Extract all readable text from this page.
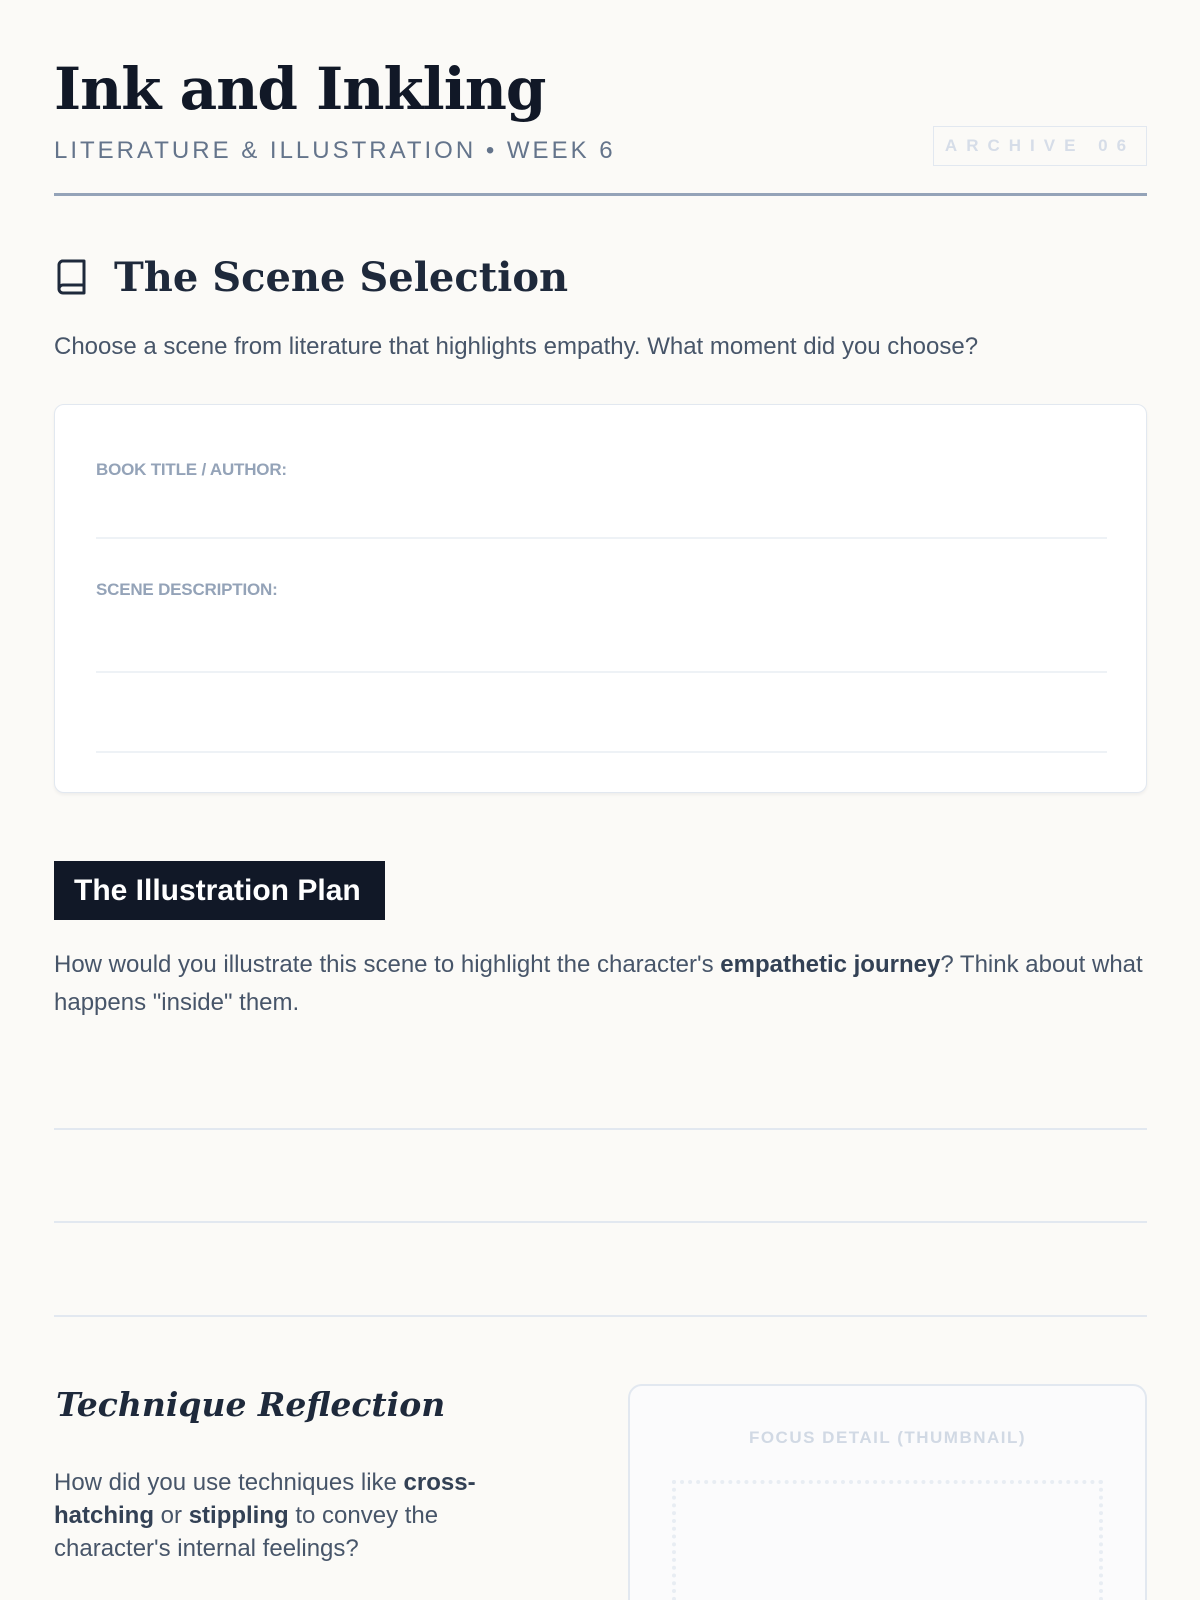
Ink and Inkling
LITERATURE & ILLUSTRATION • WEEK 6	ARCHIVE 06
The Scene Selection

Choose a scene from literature that highlights empathy. What moment did you choose?

BOOK TITLE / AUTHOR:
SCENE DESCRIPTION:
The Illustration Plan

How would you illustrate this scene to highlight the character's empathetic journey? Think about what happens "inside" them.

Technique Reflection

How did you use techniques like cross-hatching or stippling to convey the character's internal feelings?

FOCUS DETAIL (THUMBNAIL)
